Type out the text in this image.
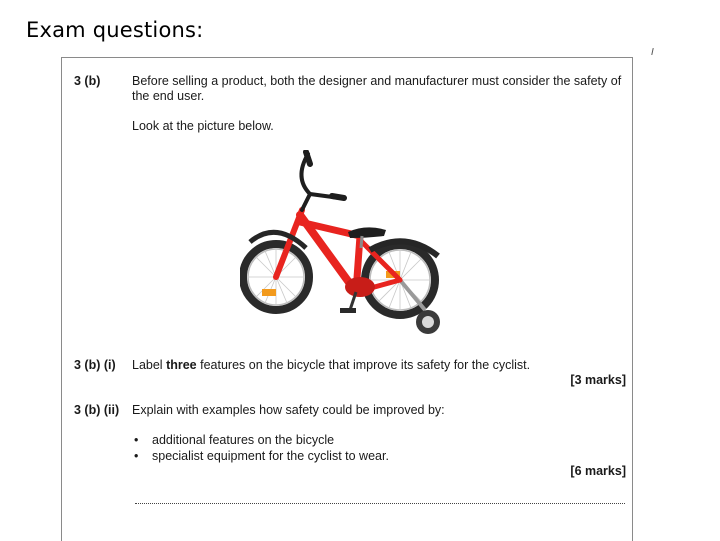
Exam questions:
3 (b)	Before selling a product, both the designer and manufacturer must consider the safety of the end user.
Look at the picture below.
3 (b) (i) Label three features on the bicycle that improve its safety for the cyclist.
[3 marks]
3 (b) (ii) Explain with examples how safety could be improved by:
• additional features on the bicycle
• specialist equipment for the cyclist to wear.
[6 marks]
